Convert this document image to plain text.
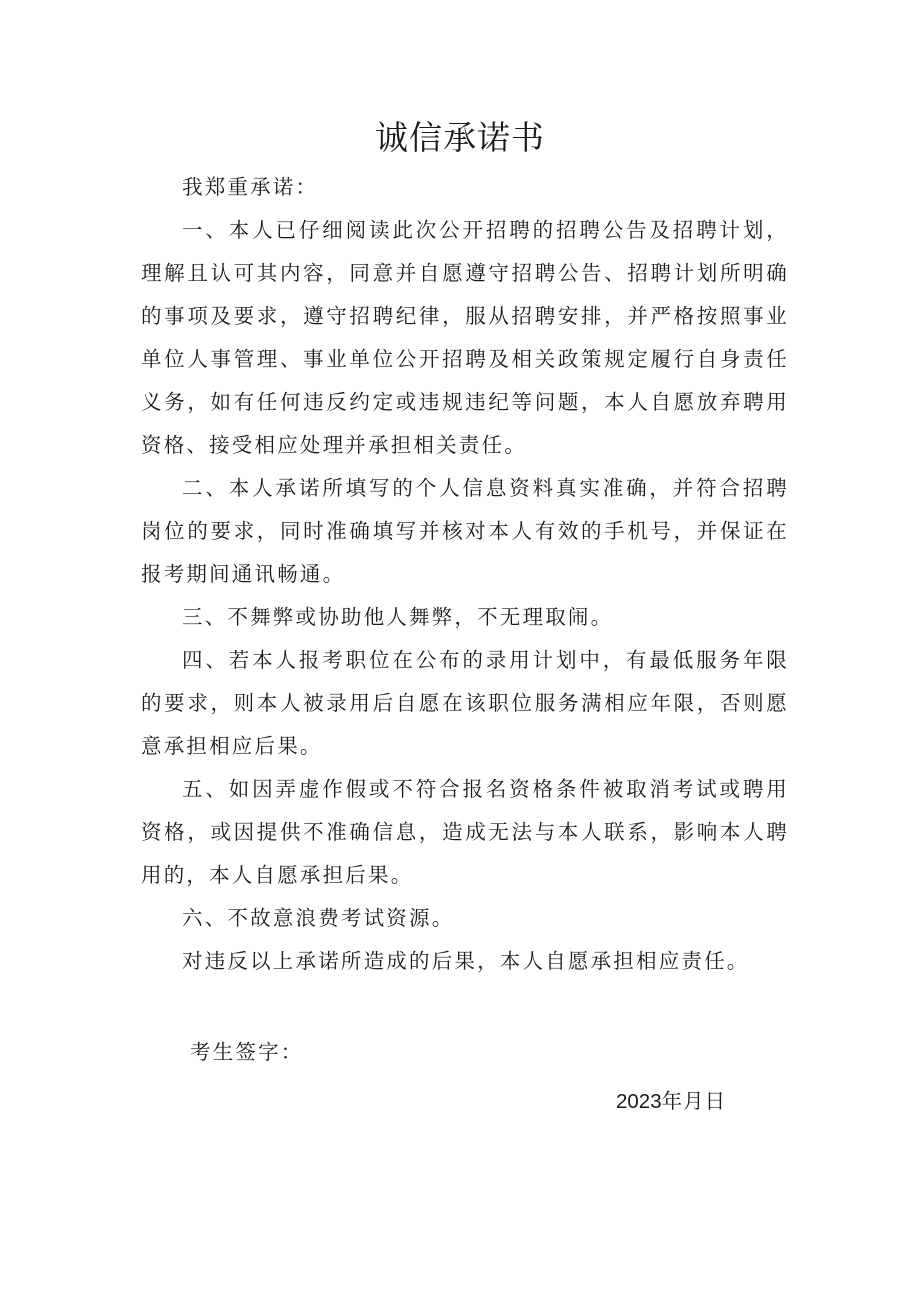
诚信承诺书

我郑重承诺：

一、本人已仔细阅读此次公开招聘的招聘公告及招聘计划，理解且认可其内容，同意并自愿遵守招聘公告、招聘计划所明确的事项及要求，遵守招聘纪律，服从招聘安排，并严格按照事业单位人事管理、事业单位公开招聘及相关政策规定履行自身责任义务，如有任何违反约定或违规违纪等问题，本人自愿放弃聘用资格、接受相应处理并承担相关责任。

二、本人承诺所填写的个人信息资料真实准确，并符合招聘岗位的要求，同时准确填写并核对本人有效的手机号，并保证在报考期间通讯畅通。

三、不舞弊或协助他人舞弊，不无理取闹。

四、若本人报考职位在公布的录用计划中，有最低服务年限的要求，则本人被录用后自愿在该职位服务满相应年限，否则愿意承担相应后果。

五、如因弄虚作假或不符合报名资格条件被取消考试或聘用资格，或因提供不准确信息，造成无法与本人联系，影响本人聘用的，本人自愿承担后果。

六、不故意浪费考试资源。

对违反以上承诺所造成的后果，本人自愿承担相应责任。

考生签字：
2023年月日
